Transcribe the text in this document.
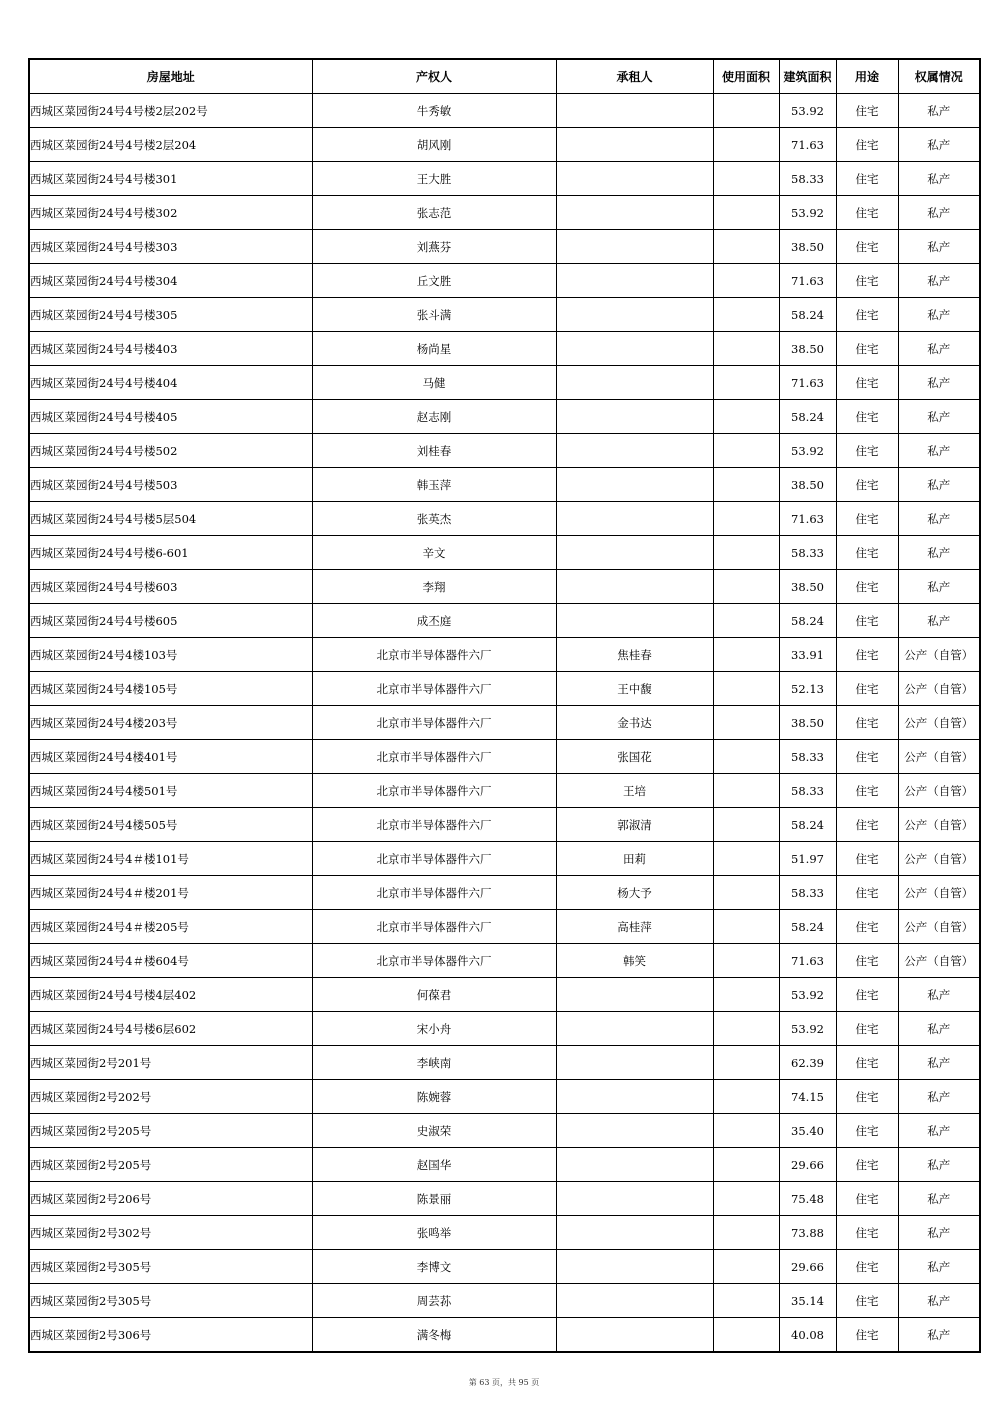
房屋地址	产权人	承租人	使用面积	建筑面积	用途	权属情况
西城区菜园街24号4号楼2层202号	牛秀敏			53.92	住宅	私产
西城区菜园街24号4号楼2层204	胡风刚			71.63	住宅	私产
西城区菜园街24号4号楼301	王大胜			58.33	住宅	私产
西城区菜园街24号4号楼302	张志范			53.92	住宅	私产
西城区菜园街24号4号楼303	刘燕芬			38.50	住宅	私产
西城区菜园街24号4号楼304	丘文胜			71.63	住宅	私产
西城区菜园街24号4号楼305	张斗满			58.24	住宅	私产
西城区菜园街24号4号楼403	杨尚星			38.50	住宅	私产
西城区菜园街24号4号楼404	马健			71.63	住宅	私产
西城区菜园街24号4号楼405	赵志刚			58.24	住宅	私产
西城区菜园街24号4号楼502	刘桂春			53.92	住宅	私产
西城区菜园街24号4号楼503	韩玉萍			38.50	住宅	私产
西城区菜园街24号4号楼5层504	张英杰			71.63	住宅	私产
西城区菜园街24号4号楼6-601	辛文			58.33	住宅	私产
西城区菜园街24号4号楼603	李翔			38.50	住宅	私产
西城区菜园街24号4号楼605	成丕庭			58.24	住宅	私产
西城区菜园街24号4楼103号	北京市半导体器件六厂	焦桂春		33.91	住宅	公产（自管）
西城区菜园街24号4楼105号	北京市半导体器件六厂	王中馥		52.13	住宅	公产（自管）
西城区菜园街24号4楼203号	北京市半导体器件六厂	金书达		38.50	住宅	公产（自管）
西城区菜园街24号4楼401号	北京市半导体器件六厂	张国花		58.33	住宅	公产（自管）
西城区菜园街24号4楼501号	北京市半导体器件六厂	王培		58.33	住宅	公产（自管）
西城区菜园街24号4楼505号	北京市半导体器件六厂	郭淑清		58.24	住宅	公产（自管）
西城区菜园街24号4＃楼101号	北京市半导体器件六厂	田莉		51.97	住宅	公产（自管）
西城区菜园街24号4＃楼201号	北京市半导体器件六厂	杨大予		58.33	住宅	公产（自管）
西城区菜园街24号4＃楼205号	北京市半导体器件六厂	高桂萍		58.24	住宅	公产（自管）
西城区菜园街24号4＃楼604号	北京市半导体器件六厂	韩笑		71.63	住宅	公产（自管）
西城区菜园街24号4号楼4层402	何葆君			53.92	住宅	私产
西城区菜园街24号4号楼6层602	宋小舟			53.92	住宅	私产
西城区菜园街2号201号	李峡南			62.39	住宅	私产
西城区菜园街2号202号	陈婉蓉			74.15	住宅	私产
西城区菜园街2号205号	史淑荣			35.40	住宅	私产
西城区菜园街2号205号	赵国华			29.66	住宅	私产
西城区菜园街2号206号	陈景丽			75.48	住宅	私产
西城区菜园街2号302号	张鸣举			73.88	住宅	私产
西城区菜园街2号305号	李博文			29.66	住宅	私产
西城区菜园街2号305号	周芸荪			35.14	住宅	私产
西城区菜园街2号306号	满冬梅			40.08	住宅	私产
第 63 页，共 95 页
